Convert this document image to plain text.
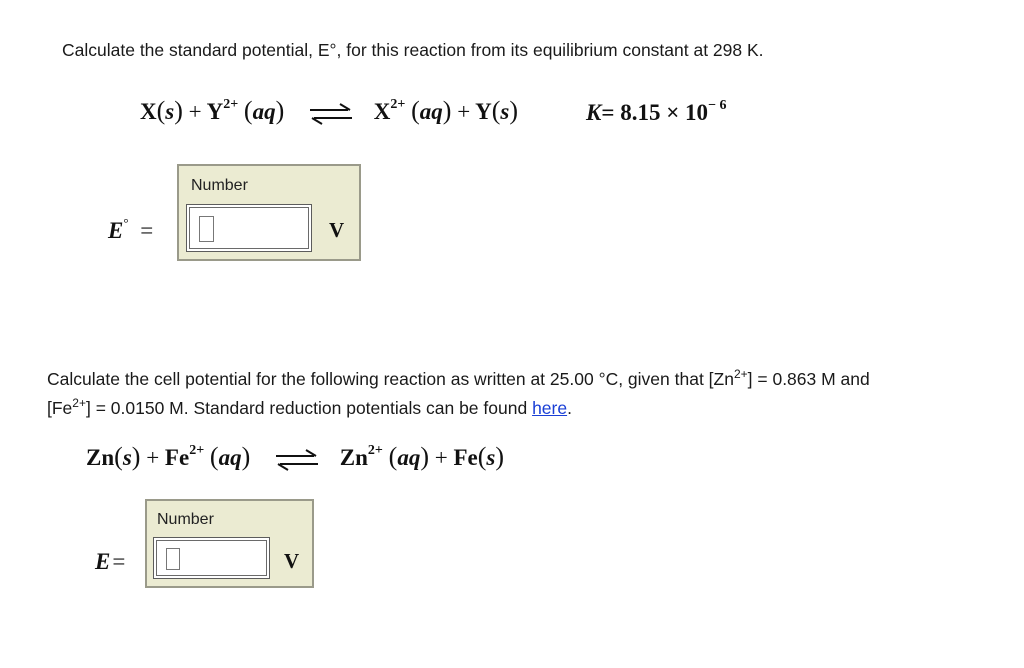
Calculate the standard potential, E°, for this reaction from its equilibrium constant at 298 K.
$X(s) + Y^{2+}$ (aq) ⇌ $X^{2+}$ (aq) + Y(s)	$K= 8.15 \times 10^{- 6}$
E° =
Number
V
Calculate the cell potential for the following reaction as written at 25.00 °C, given that $[Zn^{2+}] = 0.863$ M and
$[Fe^{2+}] = 0.0150$ M. Standard reduction potentials can be found here.
$Zn(s) + Fe^{2+}$ (aq) ⇌ $Zn^{2+}$ (aq) + Fe(s)
E=
Number
V
